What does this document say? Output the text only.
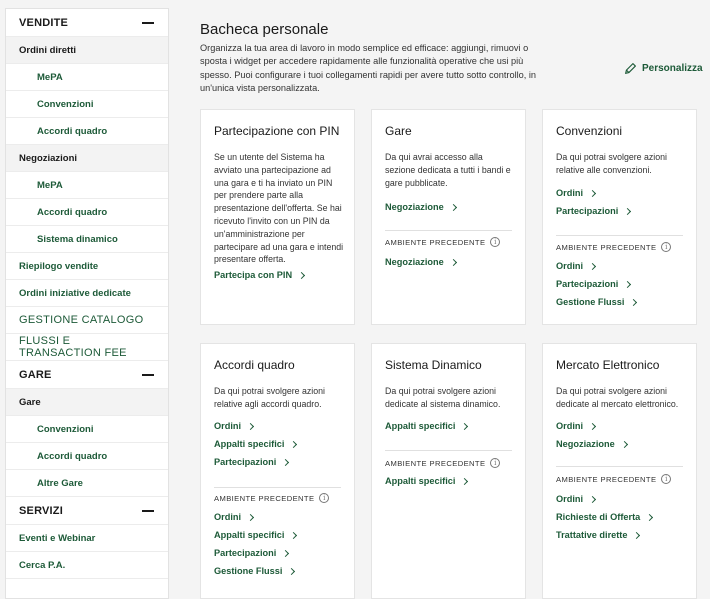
VENDITE
Ordini diretti
MePA
Convenzioni
Accordi quadro
Negoziazioni
MePA
Accordi quadro
Sistema dinamico
Riepilogo vendite
Ordini iniziative dedicate
GESTIONE CATALOGO
FLUSSI E TRANSACTION FEE
GARE
Gare
Convenzioni
Accordi quadro
Altre Gare
SERVIZI
Eventi e Webinar
Cerca P.A.
Bacheca personale

Organizza la tua area di lavoro in modo semplice ed efficace: aggiungi, rimuovi o sposta i widget per accedere rapidamente alle funzionalità operative che usi più spesso. Puoi configurare i tuoi collegamenti rapidi per avere tutto sotto controllo, in un'unica vista personalizzata.

Personalizza
Partecipazione con PIN

Se un utente del Sistema ha avviato una partecipazione ad una gara e ti ha inviato un PIN per prendere parte alla presentazione dell'offerta. Se hai ricevuto l'invito con un PIN da un'amministrazione per partecipare ad una gara e intendi presentare offerta.

Partecipa con PIN
Gare

Da qui avrai accesso alla sezione dedicata a tutti i bandi e gare pubblicate.

Negoziazione
AMBIENTE PRECEDENTE	i
Negoziazione
Convenzioni

Da qui potrai svolgere azioni relative alle convenzioni.

Ordini
Partecipazioni
AMBIENTE PRECEDENTE	i
Ordini
Partecipazioni
Gestione Flussi
Accordi quadro

Da qui potrai svolgere azioni relative agli accordi quadro.

Ordini
Appalti specifici
Partecipazioni
AMBIENTE PRECEDENTE	i
Ordini
Appalti specifici
Partecipazioni
Gestione Flussi
Sistema Dinamico

Da qui potrai svolgere azioni dedicate al sistema dinamico.

Appalti specifici
AMBIENTE PRECEDENTE	i
Appalti specifici
Mercato Elettronico

Da qui potrai svolgere azioni dedicate al mercato elettronico.

Ordini
Negoziazione
AMBIENTE PRECEDENTE	i
Ordini
Richieste di Offerta
Trattative dirette
